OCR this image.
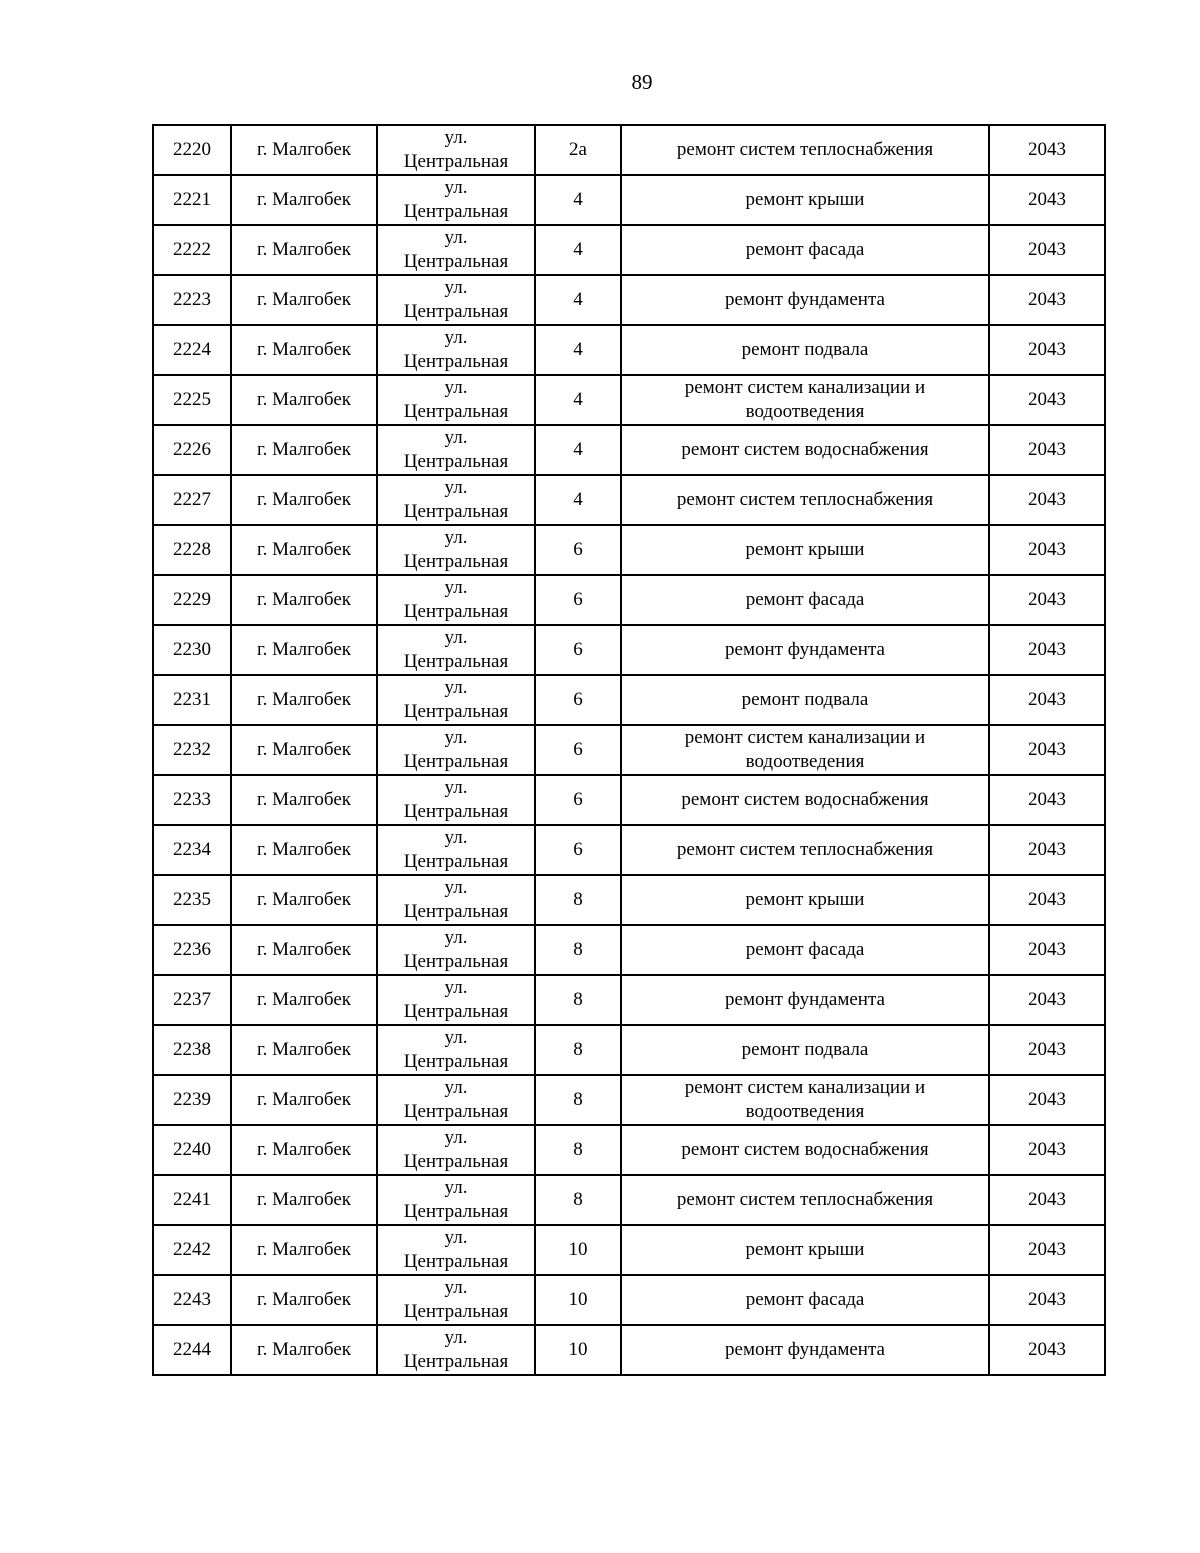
89
2220	г. Малгобек	ул.
Центральная	2а	ремонт систем теплоснабжения	2043
2221	г. Малгобек	ул.
Центральная	4	ремонт крыши	2043
2222	г. Малгобек	ул.
Центральная	4	ремонт фасада	2043
2223	г. Малгобек	ул.
Центральная	4	ремонт фундамента	2043
2224	г. Малгобек	ул.
Центральная	4	ремонт подвала	2043
2225	г. Малгобек	ул.
Центральная	4	ремонт систем канализации и водоотведения	2043
2226	г. Малгобек	ул.
Центральная	4	ремонт систем водоснабжения	2043
2227	г. Малгобек	ул.
Центральная	4	ремонт систем теплоснабжения	2043
2228	г. Малгобек	ул.
Центральная	6	ремонт крыши	2043
2229	г. Малгобек	ул.
Центральная	6	ремонт фасада	2043
2230	г. Малгобек	ул.
Центральная	6	ремонт фундамента	2043
2231	г. Малгобек	ул.
Центральная	6	ремонт подвала	2043
2232	г. Малгобек	ул.
Центральная	6	ремонт систем канализации и водоотведения	2043
2233	г. Малгобек	ул.
Центральная	6	ремонт систем водоснабжения	2043
2234	г. Малгобек	ул.
Центральная	6	ремонт систем теплоснабжения	2043
2235	г. Малгобек	ул.
Центральная	8	ремонт крыши	2043
2236	г. Малгобек	ул.
Центральная	8	ремонт фасада	2043
2237	г. Малгобек	ул.
Центральная	8	ремонт фундамента	2043
2238	г. Малгобек	ул.
Центральная	8	ремонт подвала	2043
2239	г. Малгобек	ул.
Центральная	8	ремонт систем канализации и водоотведения	2043
2240	г. Малгобек	ул.
Центральная	8	ремонт систем водоснабжения	2043
2241	г. Малгобек	ул.
Центральная	8	ремонт систем теплоснабжения	2043
2242	г. Малгобек	ул.
Центральная	10	ремонт крыши	2043
2243	г. Малгобек	ул.
Центральная	10	ремонт фасада	2043
2244	г. Малгобек	ул.
Центральная	10	ремонт фундамента	2043
